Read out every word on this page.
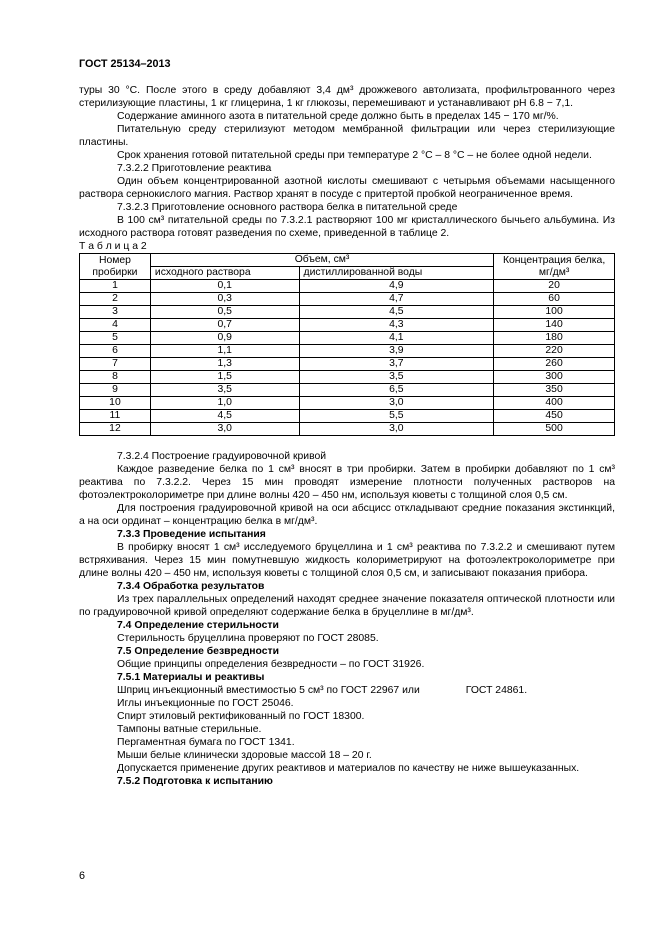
ГОСТ 25134–2013

туры 30 °С. После этого в среду добавляют 3,4 дм³ дрожжевого автолизата, профильтрованного через стерилизующие пластины, 1 кг глицерина, 1 кг глюкозы, перемешивают и устанавливают pH 6.8 − 7,1.

Содержание аминного азота в питательной среде должно быть в пределах 145 − 170 мг/%.

Питательную среду стерилизуют методом мембранной фильтрации или через стерилизующие пластины.

Срок хранения готовой питательной среды при температуре 2 °С – 8 °С – не более одной недели.

7.3.2.2 Приготовление реактива

Один объем концентрированной азотной кислоты смешивают с четырьмя объемами насыщенного раствора сернокислого магния. Раствор хранят в посуде с притертой пробкой неограниченное время.

7.3.2.3 Приготовление основного раствора белка в питательной среде

В 100 см³ питательной среды по 7.3.2.1 растворяют 100 мг кристаллического бычьего альбумина. Из исходного раствора готовят разведения по схеме, приведенной в таблице 2.

Т а б л и ц а 2
Номер пробирки	Объем, см³		Концентрация белка, мг/дм³
	исходного раствора	дистиллированной воды	
1	0,1	4,9	20
2	0,3	4,7	60
3	0,5	4,5	100
4	0,7	4,3	140
5	0,9	4,1	180
6	1,1	3,9	220
7	1,3	3,7	260
8	1,5	3,5	300
9	3,5	6,5	350
10	1,0	3,0	400
11	4,5	5,5	450
12	3,0	3,0	500

7.3.2.4 Построение градуировочной кривой

Каждое разведение белка по 1 см³ вносят в три пробирки. Затем в пробирки добавляют по 1 см³ реактива по 7.3.2.2. Через 15 мин проводят измерение плотности полученных растворов на фотоэлектроколориметре при длине волны 420 – 450 нм, используя кюветы с толщиной слоя 0,5 см.

Для построения градуировочной кривой на оси абсцисс откладывают средние показания экстинкций, а на оси ординат – концентрацию белка в мг/дм³.

7.3.3 Проведение испытания

В пробирку вносят 1 см³ исследуемого бруцеллина и 1 см³ реактива по 7.3.2.2 и смешивают путем встряхивания. Через 15 мин помутневшую жидкость колориметрируют на фотоэлектроколориметре при длине волны 420 – 450 нм, используя кюветы с толщиной слоя 0,5 см, и записывают показания прибора.

7.3.4 Обработка результатов

Из трех параллельных определений находят среднее значение показателя оптической плотности или по градуировочной кривой определяют содержание белка в бруцеллине в мг/дм³.

7.4 Определение стерильности

Стерильность бруцеллина проверяют по ГОСТ 28085.

7.5 Определение безвредности

Общие принципы определения безвредности – по ГОСТ 31926.

7.5.1 Материалы и реактивы

Шприц инъекционный вместимостью 5 см³ по ГОСТ 22967 или	ГОСТ 24861.

Иглы инъекционные по ГОСТ 25046.

Спирт этиловый ректификованный по ГОСТ 18300.

Тампоны ватные стерильные.

Пергаментная бумага по ГОСТ 1341.

Мыши белые клинически здоровые массой 18 – 20 г.

Допускается применение других реактивов и материалов по качеству не ниже вышеуказанных.

7.5.2 Подготовка к испытанию

6
